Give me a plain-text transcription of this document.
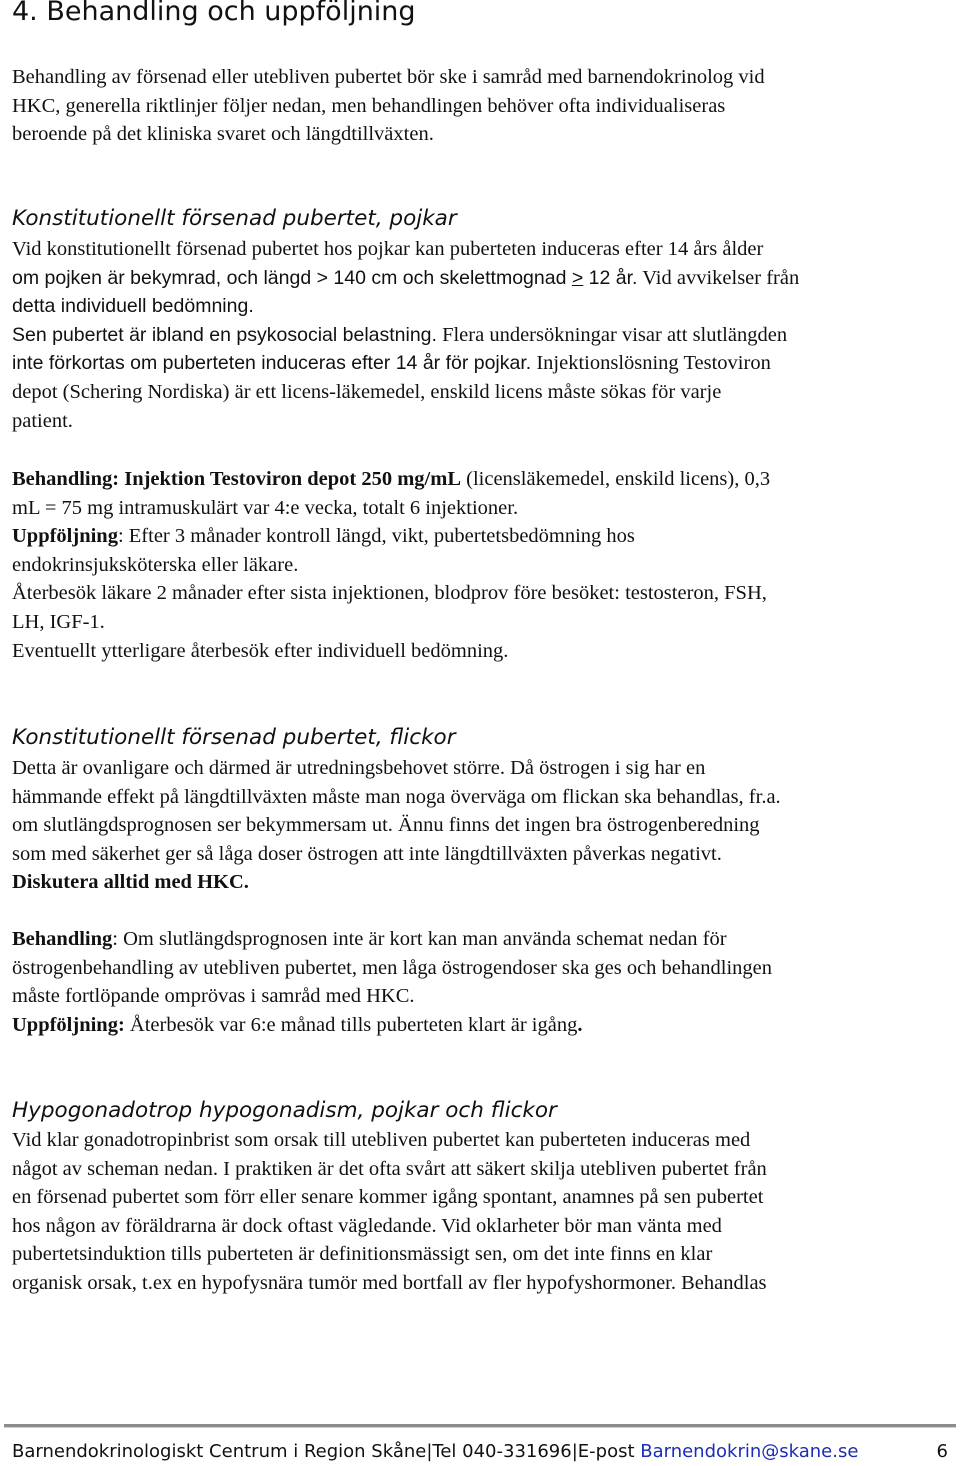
4. Behandling och uppföljning
Behandling av försenad eller utebliven pubertet bör ske i samråd med barnendokrinolog vid
HKC, generella riktlinjer följer nedan, men behandlingen behöver ofta individualiseras
beroende på det kliniska svaret och längdtillväxten.
Konstitutionellt försenad pubertet, pojkar
Vid konstitutionellt försenad pubertet hos pojkar kan puberteten induceras efter 14 års ålder
om pojken är bekymrad, och längd > 140 cm och skelettmognad > 12 år. Vid avvikelser från
detta individuell bedömning.
Sen pubertet är ibland en psykosocial belastning. Flera undersökningar visar att slutlängden
inte förkortas om puberteten induceras efter 14 år för pojkar. Injektionslösning Testoviron
depot (Schering Nordiska) är ett licens-läkemedel, enskild licens måste sökas för varje
patient.
Behandling: Injektion Testoviron depot 250 mg/mL (licensläkemedel, enskild licens), 0,3
mL = 75 mg intramuskulärt var 4:e vecka, totalt 6 injektioner.
Uppföljning: Efter 3 månader kontroll längd, vikt, pubertetsbedömning hos
endokrinsjuksköterska eller läkare.
Återbesök läkare 2 månader efter sista injektionen, blodprov före besöket: testosteron, FSH,
LH, IGF-1.
Eventuellt ytterligare återbesök efter individuell bedömning.
Konstitutionellt försenad pubertet, flickor
Detta är ovanligare och därmed är utredningsbehovet större. Då östrogen i sig har en
hämmande effekt på längdtillväxten måste man noga överväga om flickan ska behandlas, fr.a.
om slutlängdsprognosen ser bekymmersam ut. Ännu finns det ingen bra östrogenberedning
som med säkerhet ger så låga doser östrogen att inte längdtillväxten påverkas negativt.
Diskutera alltid med HKC.
Behandling: Om slutlängdsprognosen inte är kort kan man använda schemat nedan för
östrogenbehandling av utebliven pubertet, men låga östrogendoser ska ges och behandlingen
måste fortlöpande omprövas i samråd med HKC.
Uppföljning: Återbesök var 6:e månad tills puberteten klart är igång.
Hypogonadotrop hypogonadism, pojkar och flickor
Vid klar gonadotropinbrist som orsak till utebliven pubertet kan puberteten induceras med
något av scheman nedan. I praktiken är det ofta svårt att säkert skilja utebliven pubertet från
en försenad pubertet som förr eller senare kommer igång spontant, anamnes på sen pubertet
hos någon av föräldrarna är dock oftast vägledande. Vid oklarheter bör man vänta med
pubertetsinduktion tills puberteten är definitionsmässigt sen, om det inte finns en klar
organisk orsak, t.ex en hypofysnära tumör med bortfall av fler hypofyshormoner. Behandlas
Barnendokrinologiskt Centrum i Region Skåne|Tel 040-331696|E-post Barnendokrin@skane.se	6
